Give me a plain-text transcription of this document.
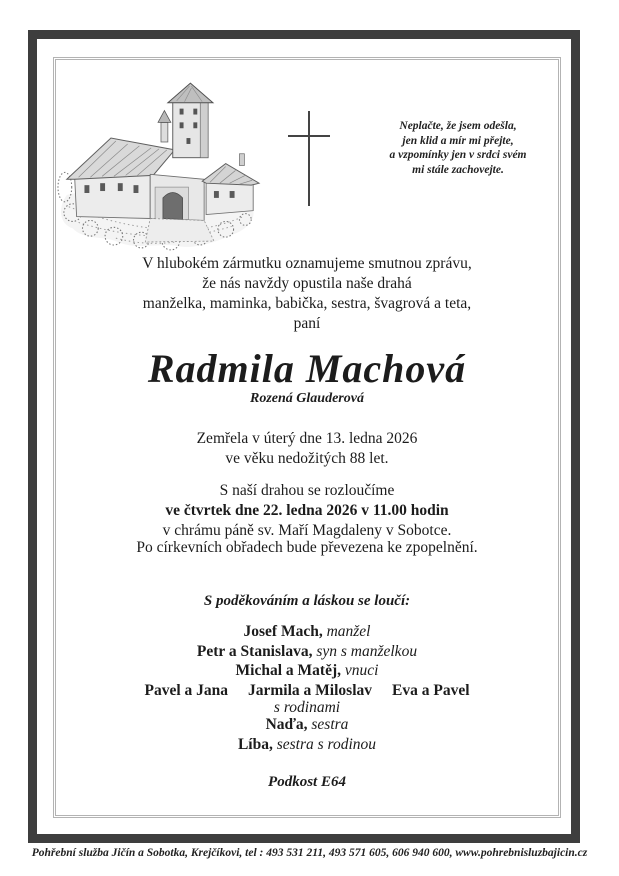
Neplačte, že jsem odešla,
jen klid a mír mi přejte,
a vzpomínky jen v srdci svém
mi stále zachovejte.
V hlubokém zármutku oznamujeme smutnou zprávu,
že nás navždy opustila naše drahá
manželka, maminka, babička, sestra, švagrová a teta,
paní
Radmila Machová
Rozená Glauderová
Zemřela v úterý dne 13. ledna 2026
ve věku nedožitých 88 let.
S naší drahou se rozloučíme
ve čtvrtek dne 22. ledna 2026 v 11.00 hodin
v chrámu páně sv. Maří Magdaleny v Sobotce.
Po církevních obřadech bude převezena ke zpopelnění.
S poděkováním a láskou se loučí:
Josef Mach, manžel
Petr a Stanislava, syn s manželkou
Michal a Matěj, vnuci
Pavel a Jana Jarmila a Miloslav Eva a Pavel
s rodinami
Naďa, sestra
Líba, sestra s rodinou
Podkost E64
Pohřební služba Jičín a Sobotka, Krejčíkovi, tel : 493 531 211, 493 571 605, 606 940 600, www.pohrebnisluzbajicin.cz
